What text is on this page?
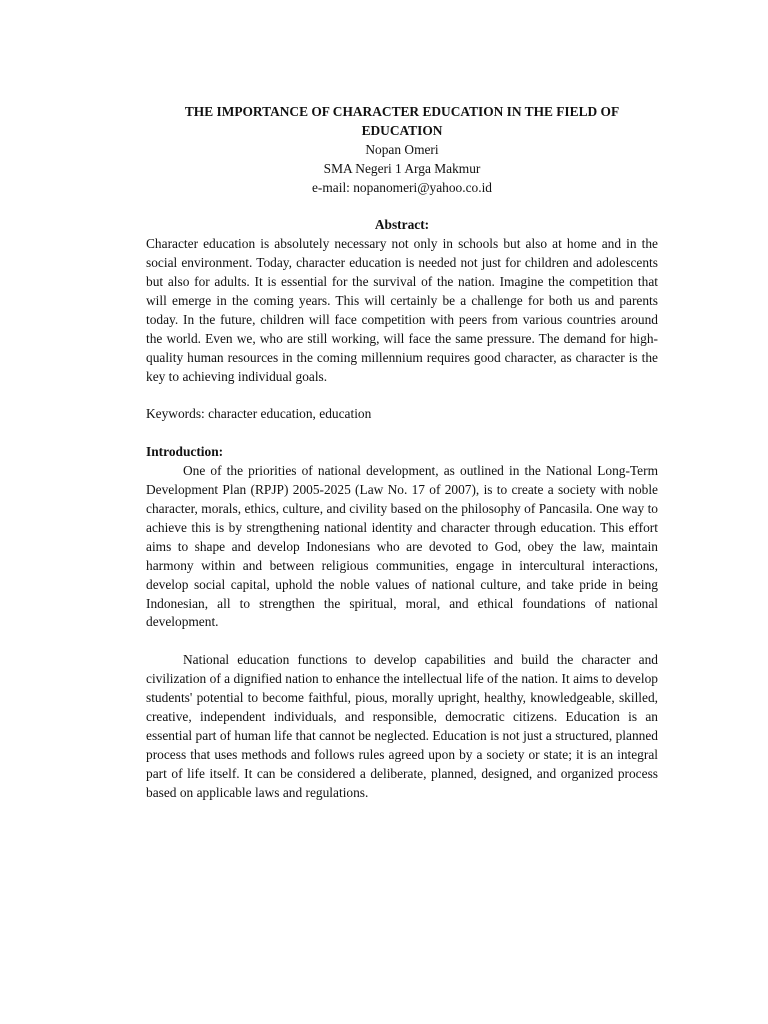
THE IMPORTANCE OF CHARACTER EDUCATION IN THE FIELD OF EDUCATION

Nopan Omeri

SMA Negeri 1 Arga Makmur

e-mail: nopanomeri@yahoo.co.id

Abstract:

Character education is absolutely necessary not only in schools but also at home and in the social environment. Today, character education is needed not just for children and adolescents but also for adults. It is essential for the survival of the nation. Imagine the competition that will emerge in the coming years. This will certainly be a challenge for both us and parents today. In the future, children will face competition with peers from various countries around the world. Even we, who are still working, will face the same pressure. The demand for high-quality human resources in the coming millennium requires good character, as character is the key to achieving individual goals.

Keywords: character education, education

Introduction:

One of the priorities of national development, as outlined in the National Long-Term Development Plan (RPJP) 2005-2025 (Law No. 17 of 2007), is to create a society with noble character, morals, ethics, culture, and civility based on the philosophy of Pancasila. One way to achieve this is by strengthening national identity and character through education. This effort aims to shape and develop Indonesians who are devoted to God, obey the law, maintain harmony within and between religious communities, engage in intercultural interactions, develop social capital, uphold the noble values of national culture, and take pride in being Indonesian, all to strengthen the spiritual, moral, and ethical foundations of national development.

National education functions to develop capabilities and build the character and civilization of a dignified nation to enhance the intellectual life of the nation. It aims to develop students' potential to become faithful, pious, morally upright, healthy, knowledgeable, skilled, creative, independent individuals, and responsible, democratic citizens. Education is an essential part of human life that cannot be neglected. Education is not just a structured, planned process that uses methods and follows rules agreed upon by a society or state; it is an integral part of life itself. It can be considered a deliberate, planned, designed, and organized process based on applicable laws and regulations.
